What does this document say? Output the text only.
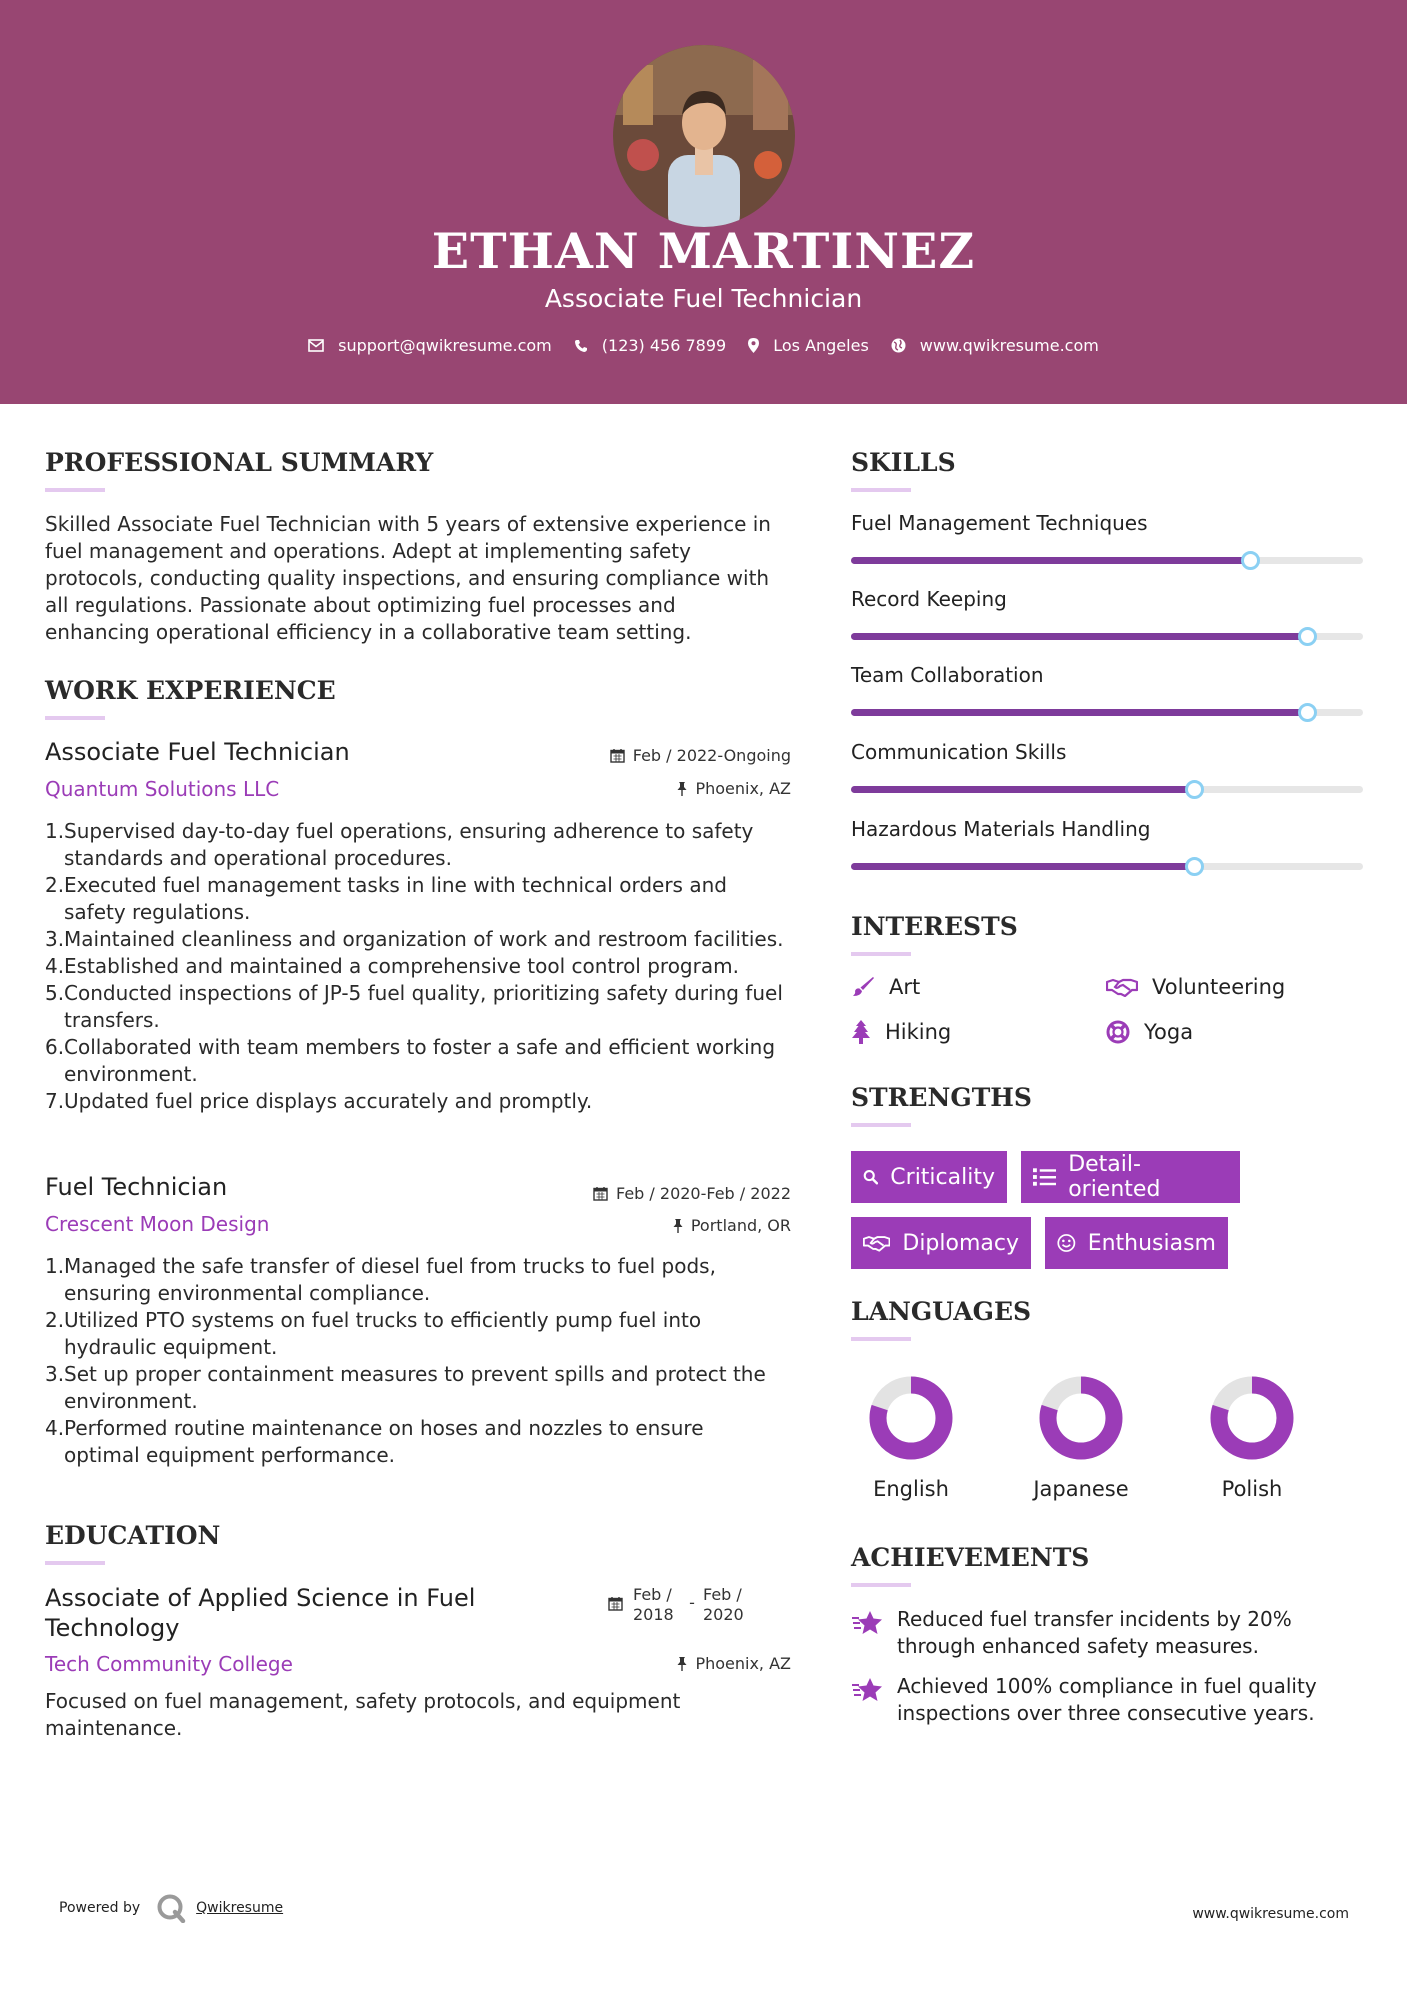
ETHAN MARTINEZ
Associate Fuel Technician
support@qwikresume.com	(123) 456 7899	Los Angeles	www.qwikresume.com
PROFESSIONAL SUMMARY
Skilled Associate Fuel Technician with 5 years of extensive experience in fuel management and operations. Adept at implementing safety protocols, conducting quality inspections, and ensuring compliance with all regulations. Passionate about optimizing fuel processes and enhancing operational efficiency in a collaborative team setting.
WORK EXPERIENCE
Associate Fuel Technician	Feb / 2022-Ongoing
Quantum Solutions LLC	Phoenix, AZ
1. Supervised day-to-day fuel operations, ensuring adherence to safety standards and operational procedures.
2. Executed fuel management tasks in line with technical orders and safety regulations.
3. Maintained cleanliness and organization of work and restroom facilities.
4. Established and maintained a comprehensive tool control program.
5. Conducted inspections of JP-5 fuel quality, prioritizing safety during fuel transfers.
6. Collaborated with team members to foster a safe and efficient working environment.
7. Updated fuel price displays accurately and promptly.
Fuel Technician	Feb / 2020-Feb / 2022
Crescent Moon Design	Portland, OR
1. Managed the safe transfer of diesel fuel from trucks to fuel pods, ensuring environmental compliance.
2. Utilized PTO systems on fuel trucks to efficiently pump fuel into hydraulic equipment.
3. Set up proper containment measures to prevent spills and protect the environment.
4. Performed routine maintenance on hoses and nozzles to ensure optimal equipment performance.
EDUCATION
Associate of Applied Science in Fuel
Technology
Feb / 2018
- Feb / 2020
Tech Community College	Phoenix, AZ
Focused on fuel management, safety protocols, and equipment maintenance.
SKILLS
Fuel Management Techniques
Record Keeping
Team Collaboration
Communication Skills
Hazardous Materials Handling
INTERESTS
Art	Volunteering
Hiking	Yoga
STRENGTHS
Criticality	Detail-oriented
Diplomacy	Enthusiasm
LANGUAGES
English	Japanese	Polish
ACHIEVEMENTS
Reduced fuel transfer incidents by 20% through enhanced safety measures.
Achieved 100% compliance in fuel quality inspections over three consecutive years.
Powered by	Qwikresume	www.qwikresume.com
